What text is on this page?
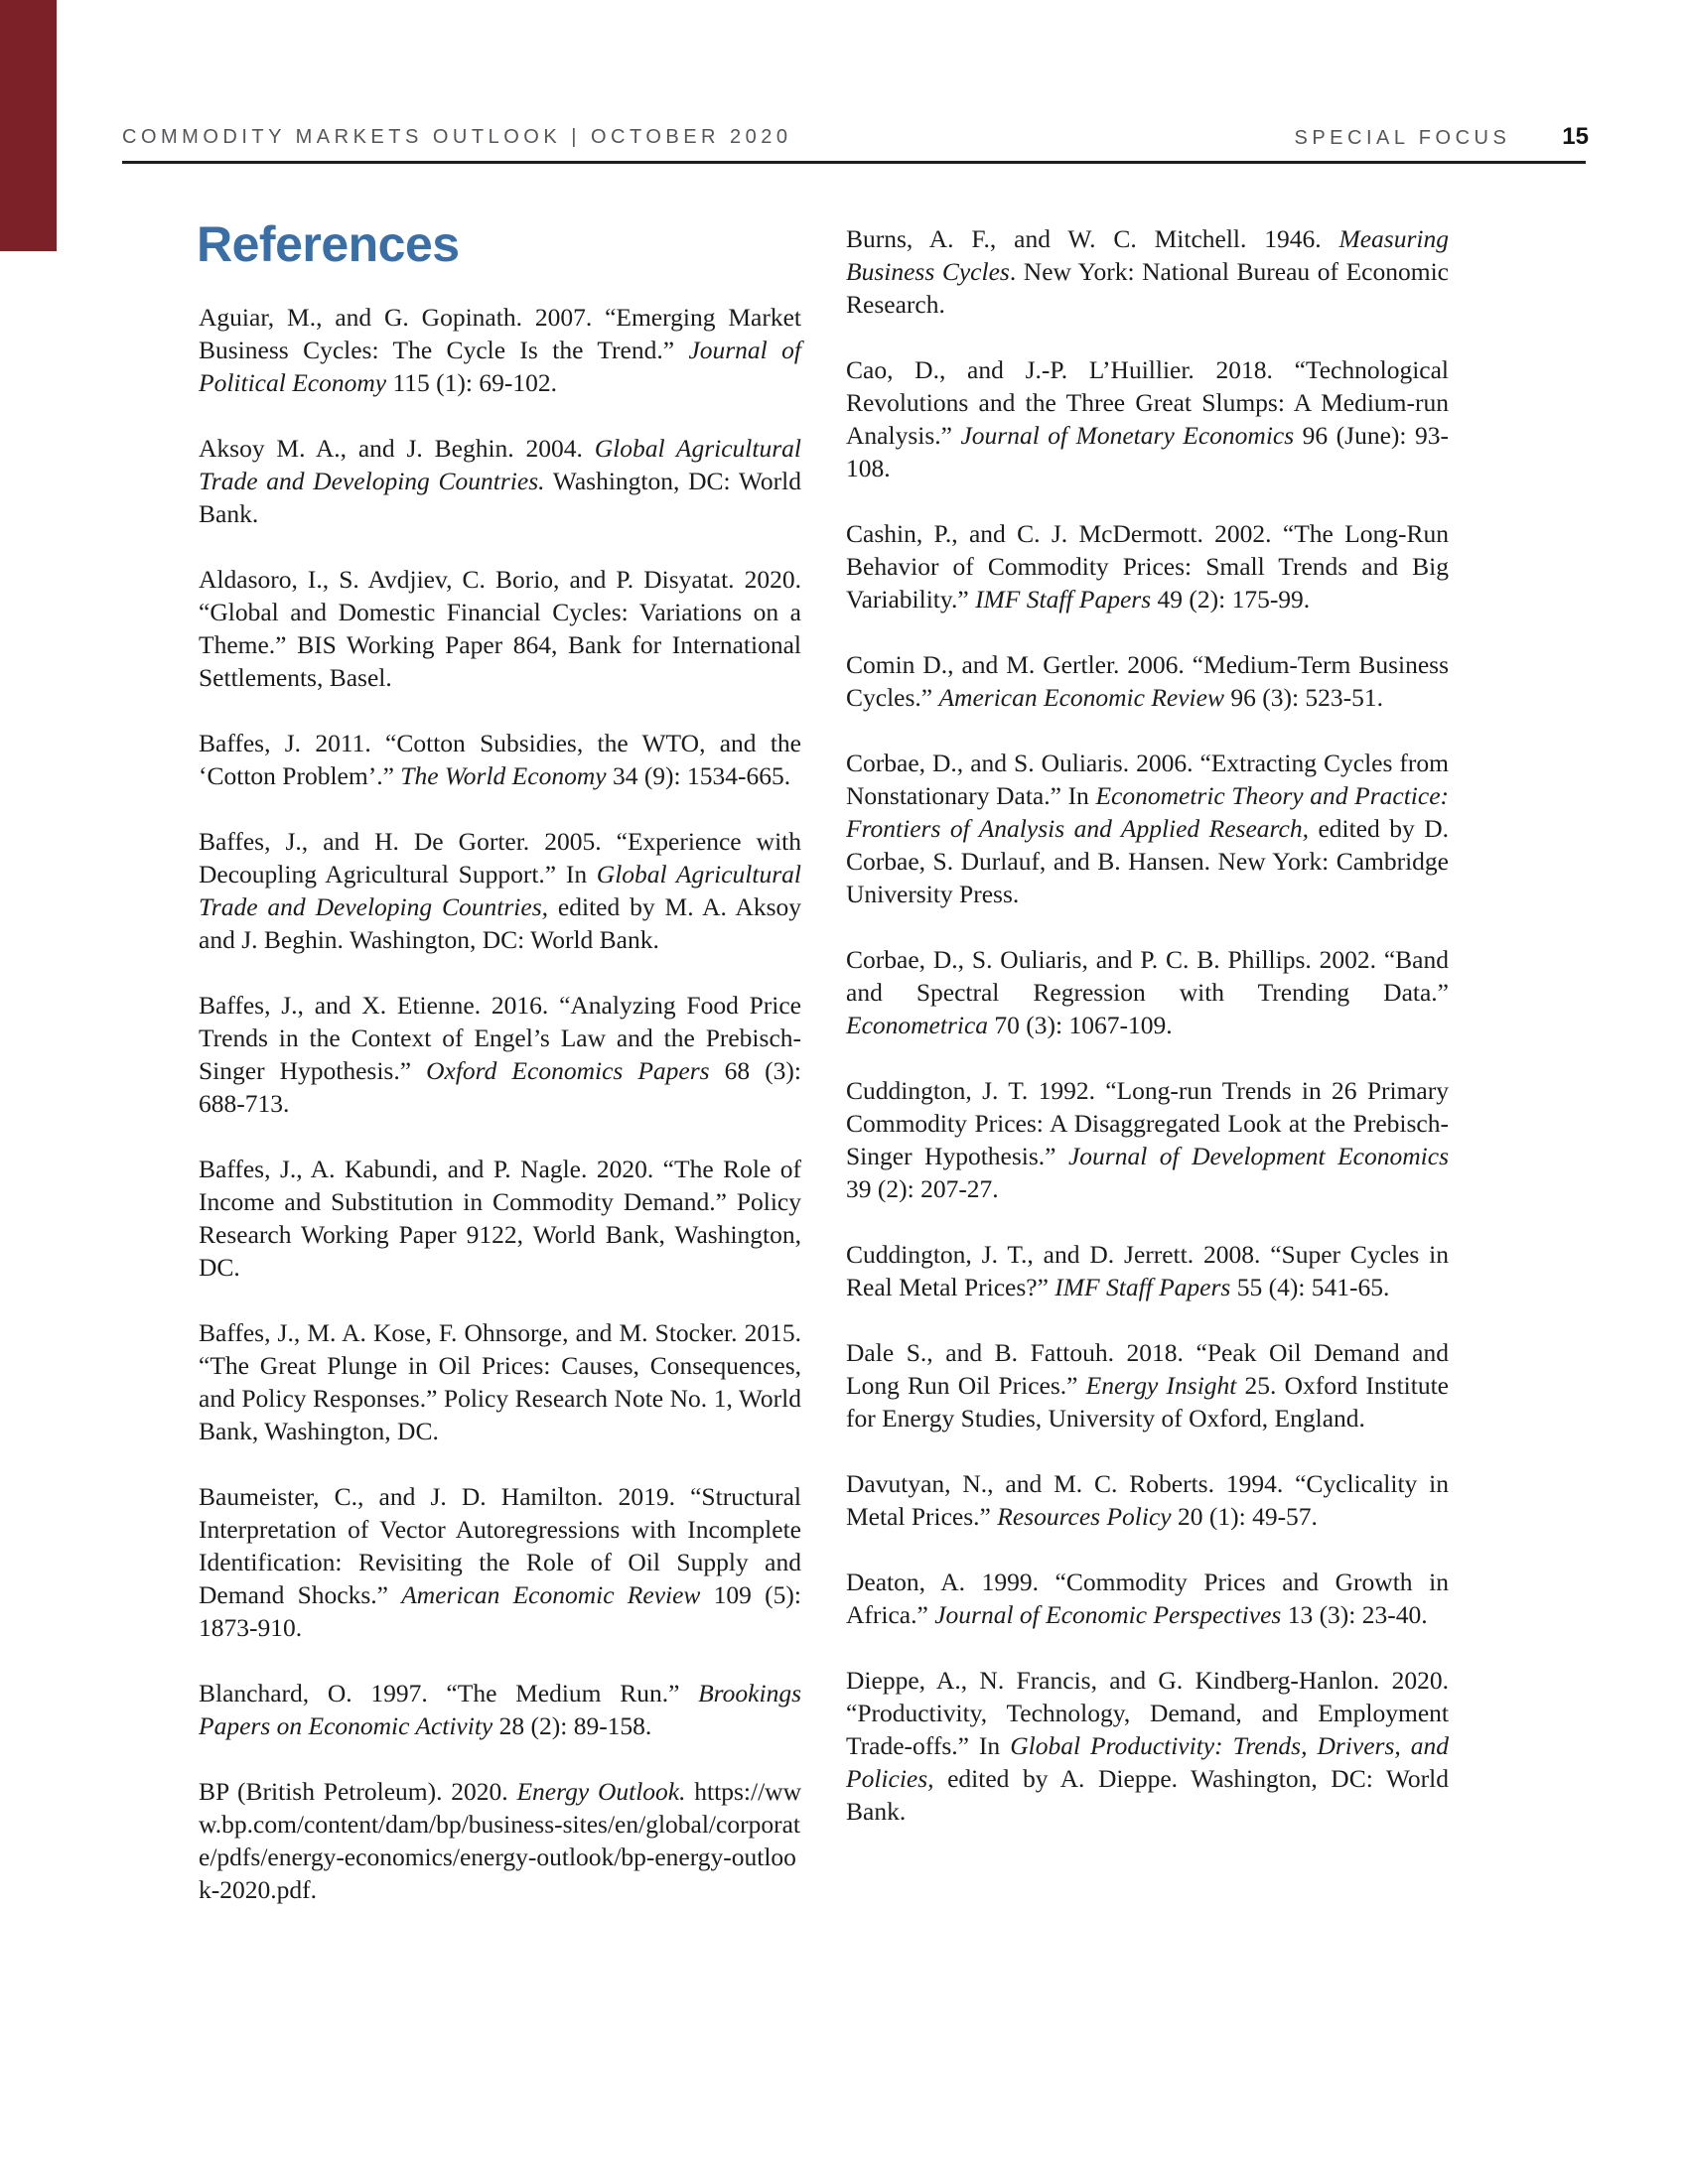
COMMODITY MARKETS OUTLOOK | OCTOBER 2020	SPECIAL FOCUS 15
References

Aguiar, M., and G. Gopinath. 2007. “Emerging Market Business Cycles: The Cycle Is the Trend.” Journal of Political Economy 115 (1): 69-102.

Aksoy M. A., and J. Beghin. 2004. Global Agricultural Trade and Developing Countries. Washington, DC: World Bank.

Aldasoro, I., S. Avdjiev, C. Borio, and P. Disyatat. 2020. “Global and Domestic Financial Cycles: Variations on a Theme.” BIS Working Paper 864, Bank for International Settlements, Basel.

Baffes, J. 2011. “Cotton Subsidies, the WTO, and the ‘Cotton Problem’.” The World Economy 34 (9): 1534-665.

Baffes, J., and H. De Gorter. 2005. “Experience with Decoupling Agricultural Support.” In Global Agricultural Trade and Developing Countries, edited by M. A. Aksoy and J. Beghin. Washington, DC: World Bank.

Baffes, J., and X. Etienne. 2016. “Analyzing Food Price Trends in the Context of Engel’s Law and the Prebisch-Singer Hypothesis.” Oxford Economics Papers 68 (3): 688-713.

Baffes, J., A. Kabundi, and P. Nagle. 2020. “The Role of Income and Substitution in Commodity Demand.” Policy Research Working Paper 9122, World Bank, Washington, DC.

Baffes, J., M. A. Kose, F. Ohnsorge, and M. Stocker. 2015. “The Great Plunge in Oil Prices: Causes, Consequences, and Policy Responses.” Policy Research Note No. 1, World Bank, Washington, DC.

Baumeister, C., and J. D. Hamilton. 2019. “Structural Interpretation of Vector Autoregressions with Incomplete Identification: Revisiting the Role of Oil Supply and Demand Shocks.” American Economic Review 109 (5): 1873-910.

Blanchard, O. 1997. “The Medium Run.” Brookings Papers on Economic Activity 28 (2): 89-158.

BP (British Petroleum). 2020. Energy Outlook. https://www.bp.com/content/dam/bp/business-sites/en/global/corporate/pdfs/energy-economics/energy-outlook/bp-energy-outlook-2020.pdf.

Burns, A. F., and W. C. Mitchell. 1946. Measuring Business Cycles. New York: National Bureau of Economic Research.

Cao, D., and J.-P. L’Huillier. 2018. “Technological Revolutions and the Three Great Slumps: A Medium-run Analysis.” Journal of Monetary Economics 96 (June): 93-108.

Cashin, P., and C. J. McDermott. 2002. “The Long-Run Behavior of Commodity Prices: Small Trends and Big Variability.” IMF Staff Papers 49 (2): 175-99.

Comin D., and M. Gertler. 2006. “Medium-Term Business Cycles.” American Economic Review 96 (3): 523-51.

Corbae, D., and S. Ouliaris. 2006. “Extracting Cycles from Nonstationary Data.” In Econometric Theory and Practice: Frontiers of Analysis and Applied Research, edited by D. Corbae, S. Durlauf, and B. Hansen. New York: Cambridge University Press.

Corbae, D., S. Ouliaris, and P. C. B. Phillips. 2002. “Band and Spectral Regression with Trending Data.” Econometrica 70 (3): 1067-109.

Cuddington, J. T. 1992. “Long-run Trends in 26 Primary Commodity Prices: A Disaggregated Look at the Prebisch-Singer Hypothesis.” Journal of Development Economics 39 (2): 207-27.

Cuddington, J. T., and D. Jerrett. 2008. “Super Cycles in Real Metal Prices?” IMF Staff Papers 55 (4): 541-65.

Dale S., and B. Fattouh. 2018. “Peak Oil Demand and Long Run Oil Prices.” Energy Insight 25. Oxford Institute for Energy Studies, University of Oxford, England.

Davutyan, N., and M. C. Roberts. 1994. “Cyclicality in Metal Prices.” Resources Policy 20 (1): 49-57.

Deaton, A. 1999. “Commodity Prices and Growth in Africa.” Journal of Economic Perspectives 13 (3): 23-40.

Dieppe, A., N. Francis, and G. Kindberg-Hanlon. 2020. “Productivity, Technology, Demand, and Employment Trade-offs.” In Global Productivity: Trends, Drivers, and Policies, edited by A. Dieppe. Washington, DC: World Bank.
